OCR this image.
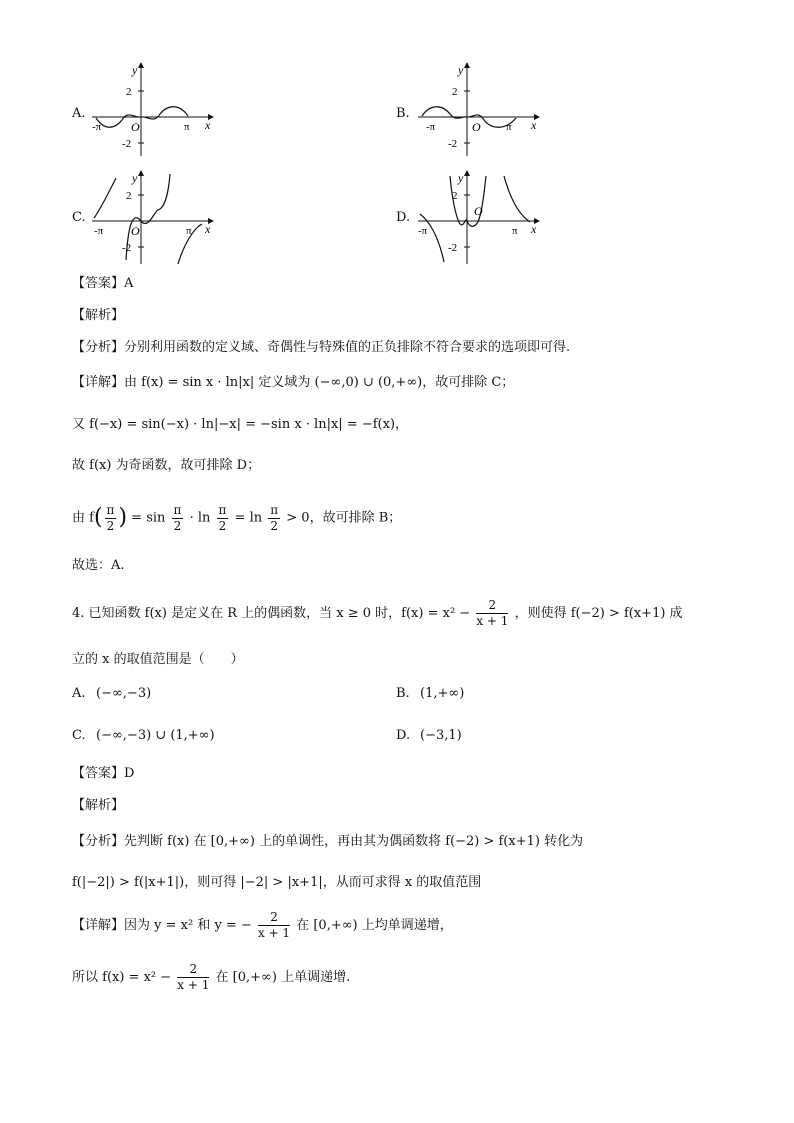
A.
y
x
2
-2
O
-π	π
B.
y
x
2
-2
O
-π	π
C.
y
x
2
-2
O
-π	π
D.
y
x
2
-2
O
-π	π
【答案】A
【解析】
【分析】分别利用函数的定义域、奇偶性与特殊值的正负排除不符合要求的选项即可得.
【详解】由 f(x) = sin x · ln|x| 定义域为 (−∞,0) ∪ (0,+∞)，故可排除 C；
又 f(−x) = sin(−x) · ln|−x| = −sin x · ln|x| = −f(x)，
故 f(x) 为奇函数，故可排除 D；
由 $f( \frac{\pi}{2}$ ) = $\sin \frac{\pi}{2} \cdot \ln \frac{\pi}{2} = \ln \frac{\pi}{2} > 0$，故可排除 B；
故选：A.
4. 已知函数 f(x) 是定义在 R 上的偶函数，当 x ≥ 0 时，$f(x) = x^2 - \frac{2}{x + 1}$ ，则使得 f(−2) > f(x+1) 成
立的 x 的取值范围是（　　）
A. (−∞,−3)	B. (1,+∞)
C. (−∞,−3) ∪ (1,+∞)	D. (−3,1)
【答案】D
【解析】
【分析】先判断 f(x) 在 [0,+∞) 上的单调性，再由其为偶函数将 f(−2) > f(x+1) 转化为
f(|−2|) > f(|x+1|)，则可得 |−2| > |x+1|，从而可求得 x 的取值范围
【详解】因为 y = x² 和 y = − $\frac{2}{x + 1}$ 在 [0,+∞) 上均单调递增，
所以 $f(x) = x^2 - \frac{2}{x + 1}$ 在 [0,+∞) 上单调递增.
